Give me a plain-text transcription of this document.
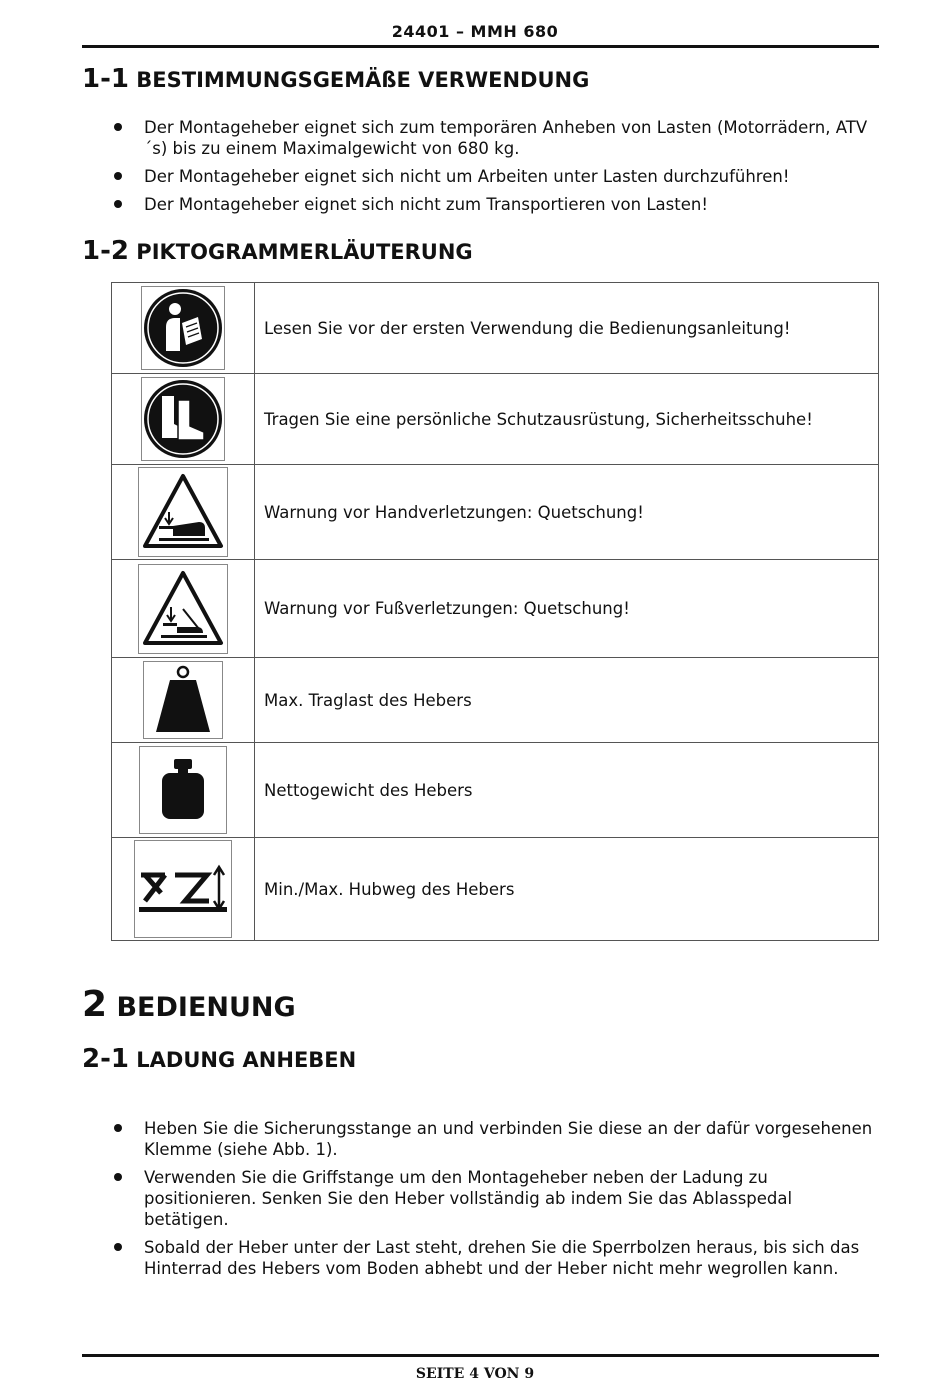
24401 – MMH 680
1-1 BESTIMMUNGSGEMÄßE VERWENDUNG
Der Montageheber eignet sich zum temporären Anheben von Lasten (Motorrädern, ATV´s) bis zu einem Maximalgewicht von 680 kg.
Der Montageheber eignet sich nicht um Arbeiten unter Lasten durchzuführen!
Der Montageheber eignet sich nicht zum Transportieren von Lasten!
1-2 PIKTOGRAMMERLÄUTERUNG
	Lesen Sie vor der ersten Verwendung die Bedienungsanleitung!

	Tragen Sie eine persönliche Schutzausrüstung, Sicherheitsschuhe!

	Warnung vor Handverletzungen: Quetschung!

	Warnung vor Fußverletzungen: Quetschung!

	Max. Traglast des Hebers

	Nettogewicht des Hebers

	Min./Max. Hubweg des Hebers
2 BEDIENUNG
2-1 LADUNG ANHEBEN
Heben Sie die Sicherungsstange an und verbinden Sie diese an der dafür vorgesehenen Klemme (siehe Abb. 1).
Verwenden Sie die Griffstange um den Montageheber neben der Ladung zu positionieren. Senken Sie den Heber vollständig ab indem Sie das Ablasspedal betätigen.
Sobald der Heber unter der Last steht, drehen Sie die Sperrbolzen heraus, bis sich das Hinterrad des Hebers vom Boden abhebt und der Heber nicht mehr wegrollen kann.
SEITE 4 VON 9
